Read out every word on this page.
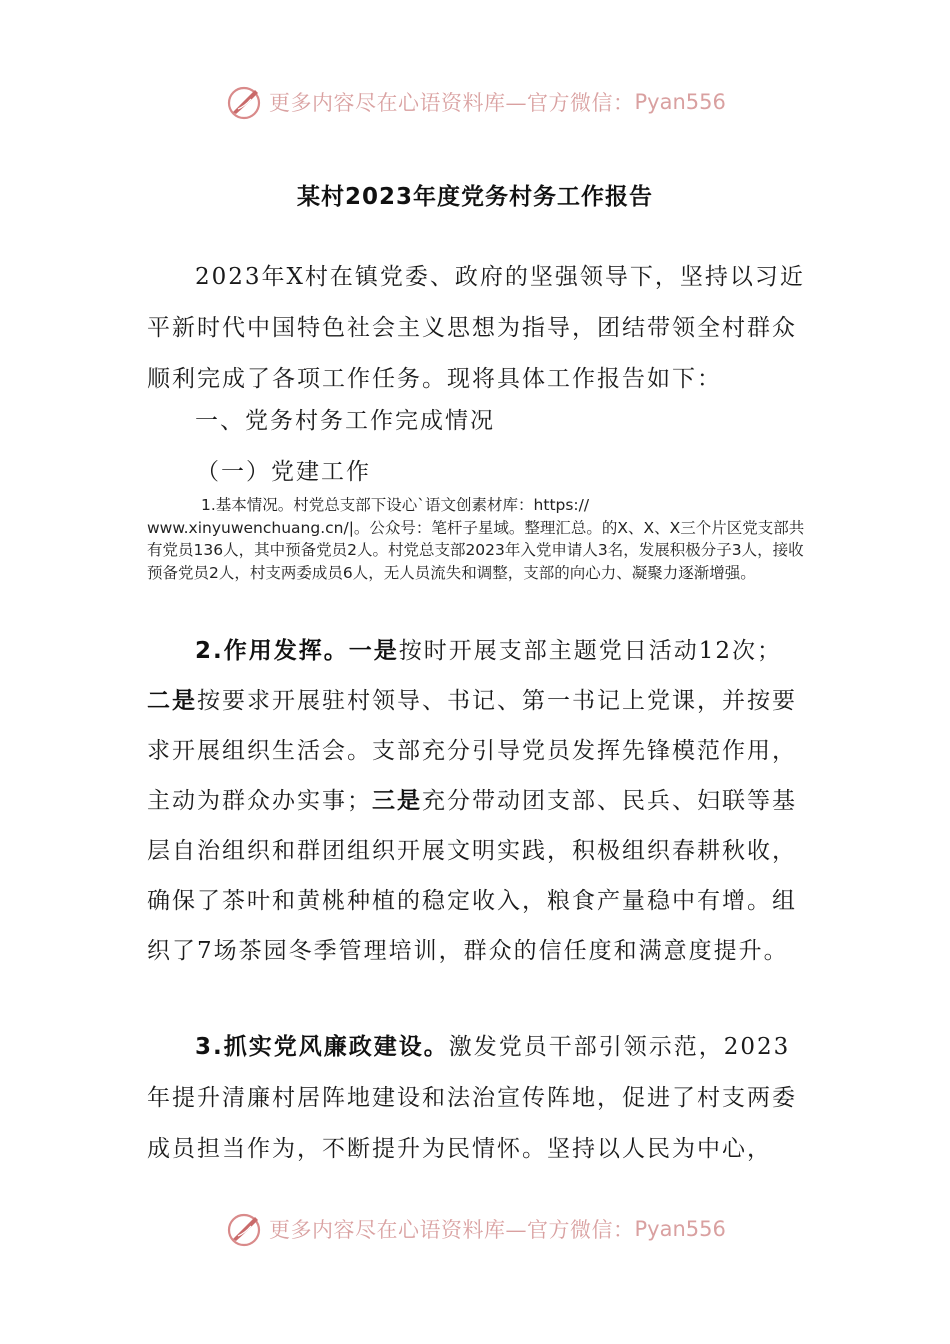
更多内容尽在心语资料库—官方微信： Pyan556
某村2023年度党务村务工作报告
2023年X村在镇党委、政府的坚强领导下，坚持以习近平新时代中国特色社会主义思想为指导，团结带领全村群众顺利完成了各项工作任务。现将具体工作报告如下：
一、党务村务工作完成情况
（一）党建工作
1.基本情况。村党总支部下设心`语文创素材库：https://
www.xinyuwenchuang.cn/|。公众号：笔杆子星域。整理汇总。的X、X、X三个片区党支部共有党员136人，其中预备党员2人。村党总支部2023年入党申请人3名，发展积极分子3人，接收预备党员2人，村支两委成员6人，无人员流失和调整，支部的向心力、凝聚力逐渐增强。
2.作用发挥。一是按时开展支部主题党日活动12次；二是按要求开展驻村领导、书记、第一书记上党课，并按要求开展组织生活会。支部充分引导党员发挥先锋模范作用，主动为群众办实事；三是充分带动团支部、民兵、妇联等基层自治组织和群团组织开展文明实践，积极组织春耕秋收，确保了茶叶和黄桃种植的稳定收入，粮食产量稳中有增。组织了7场茶园冬季管理培训，群众的信任度和满意度提升。
3.抓实党风廉政建设。激发党员干部引领示范，2023年提升清廉村居阵地建设和法治宣传阵地，促进了村支两委成员担当作为，不断提升为民情怀。坚持以人民为中心，
更多内容尽在心语资料库—官方微信： Pyan556
